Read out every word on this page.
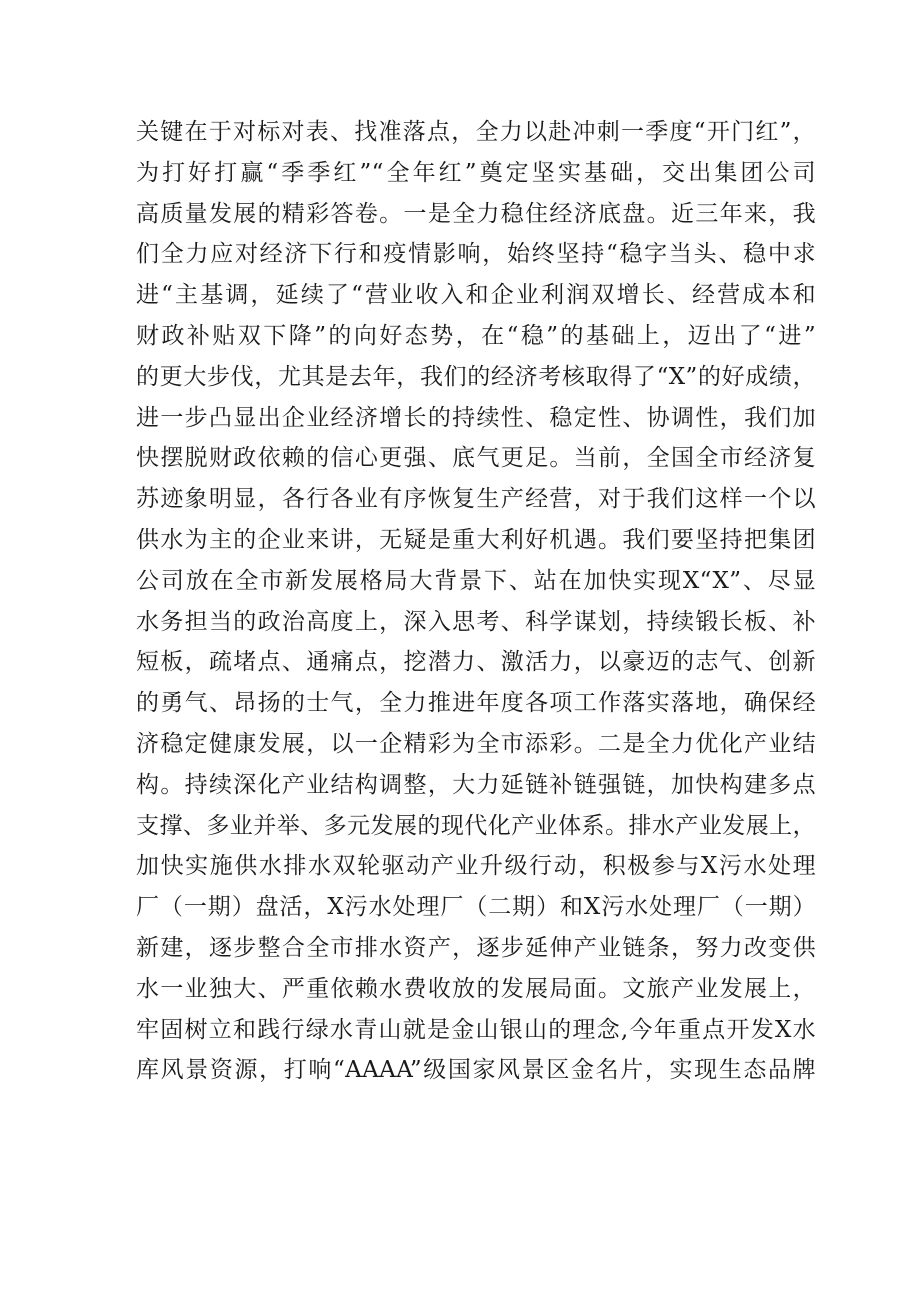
关键在于对标对表、找准落点，全力以赴冲刺一季度“开门红”，
为打好打赢“季季红”“全年红”奠定坚实基础，交出集团公司
高质量发展的精彩答卷。一是全力稳住经济底盘。近三年来，我
们全力应对经济下行和疫情影响，始终坚持“稳字当头、稳中求
进“主基调，延续了“营业收入和企业利润双增长、经营成本和
财政补贴双下降”的向好态势，在“稳”的基础上，迈出了“进”
的更大步伐，尤其是去年，我们的经济考核取得了“X”的好成绩，
进一步凸显出企业经济增长的持续性、稳定性、协调性，我们加
快摆脱财政依赖的信心更强、底气更足。当前，全国全市经济复
苏迹象明显，各行各业有序恢复生产经营，对于我们这样一个以
供水为主的企业来讲，无疑是重大利好机遇。我们要坚持把集团
公司放在全市新发展格局大背景下、站在加快实现X“X”、尽显
水务担当的政治高度上，深入思考、科学谋划，持续锻长板、补
短板，疏堵点、通痛点，挖潜力、激活力，以豪迈的志气、创新
的勇气、昂扬的士气，全力推进年度各项工作落实落地，确保经
济稳定健康发展，以一企精彩为全市添彩。二是全力优化产业结
构。持续深化产业结构调整，大力延链补链强链，加快构建多点
支撑、多业并举、多元发展的现代化产业体系。排水产业发展上，
加快实施供水排水双轮驱动产业升级行动，积极参与X污水处理
厂（一期）盘活，X污水处理厂（二期）和X污水处理厂（一期）
新建，逐步整合全市排水资产，逐步延伸产业链条，努力改变供
水一业独大、严重依赖水费收放的发展局面。文旅产业发展上，
牢固树立和践行绿水青山就是金山银山的理念,今年重点开发X水
库风景资源，打响“AAAA”级国家风景区金名片，实现生态品牌
